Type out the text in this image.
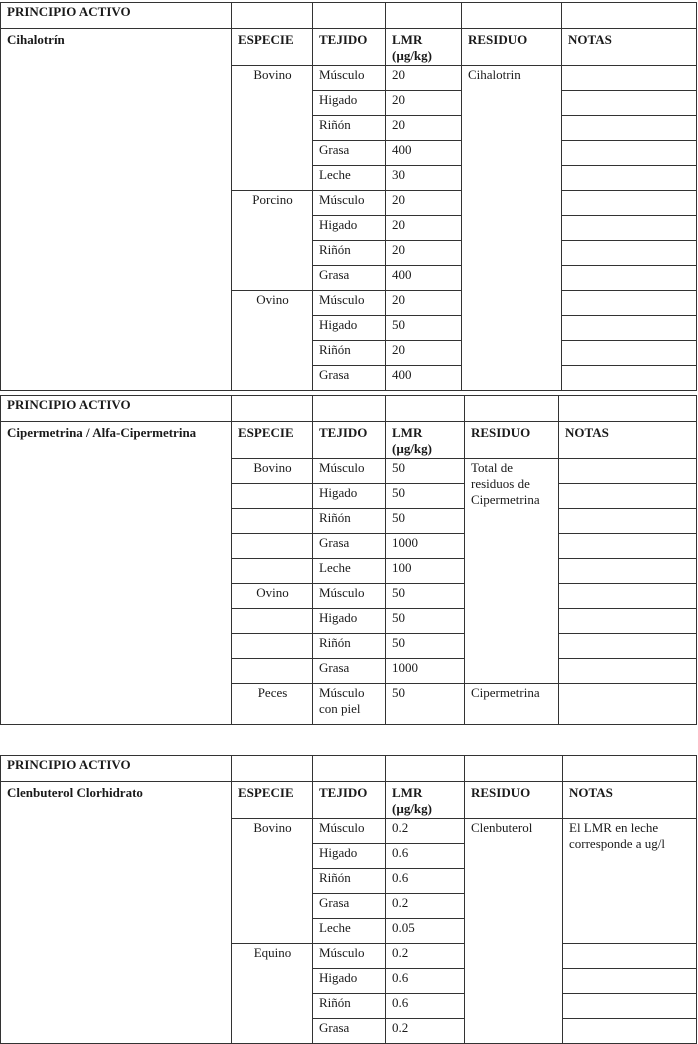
PRINCIPIO ACTIVO					
Cihalotrín	ESPECIE	TEJIDO	LMR (µg/kg)	RESIDUO	NOTAS
	Bovino	Músculo	20	Cihalotrin	
		Higado	20		
		Riñón	20		
		Grasa	400		
		Leche	30		
	Porcino	Músculo	20		
		Higado	20		
		Riñón	20		
		Grasa	400		
	Ovino	Músculo	20		
		Higado	50		
		Riñón	20		
		Grasa	400		
PRINCIPIO ACTIVO					
Cipermetrina / Alfa-Cipermetrina	ESPECIE	TEJIDO	LMR (µg/kg)	RESIDUO	NOTAS
	Bovino	Músculo	50	Total de residuos de Cipermetrina	
		Higado	50		
		Riñón	50		
		Grasa	1000		
		Leche	100		
	Ovino	Músculo	50		
		Higado	50		
		Riñón	50		
		Grasa	1000		
	Peces	Músculo con piel	50	Cipermetrina	
PRINCIPIO ACTIVO					
Clenbuterol Clorhidrato	ESPECIE	TEJIDO	LMR (µg/kg)	RESIDUO	NOTAS
	Bovino	Músculo	0.2	Clenbuterol	El LMR en leche corresponde a ug/l
		Higado	0.6		
		Riñón	0.6		
		Grasa	0.2		
		Leche	0.05		
	Equino	Músculo	0.2		
		Higado	0.6		
		Riñón	0.6		
		Grasa	0.2		
